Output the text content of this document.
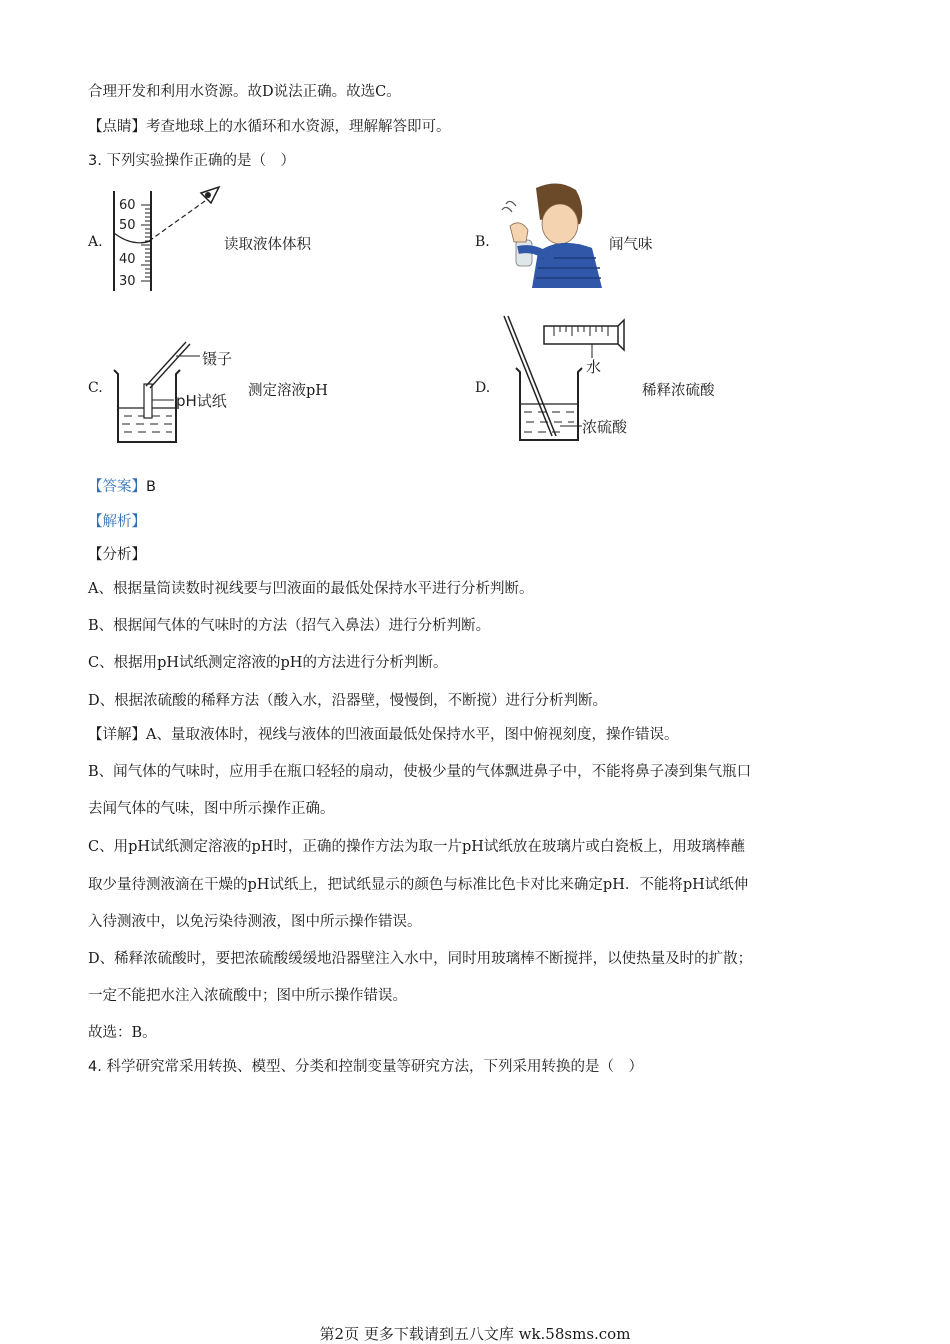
合理开发和利用水资源。故D说法正确。故选C。
【点睛】考查地球上的水循环和水资源，理解解答即可。
3. 下列实验操作正确的是（　）
A.
60
50
40
30
读取液体体积	B.	闻气味
C.
镊子
pH试纸
测定溶液pH	D.
水
浓硫酸
稀释浓硫酸
【答案】B
【解析】
【分析】
A、根据量筒读数时视线要与凹液面的最低处保持水平进行分析判断。
B、根据闻气体的气味时的方法（招气入鼻法）进行分析判断。
C、根据用pH试纸测定溶液的pH的方法进行分析判断。
D、根据浓硫酸的稀释方法（酸入水，沿器壁，慢慢倒，不断搅）进行分析判断。
【详解】A、量取液体时，视线与液体的凹液面最低处保持水平，图中俯视刻度，操作错误。
B、闻气体的气味时，应用手在瓶口轻轻的扇动，使极少量的气体飘进鼻子中，不能将鼻子凑到集气瓶口
去闻气体的气味，图中所示操作正确。
C、用pH试纸测定溶液的pH时，正确的操作方法为取一片pH试纸放在玻璃片或白瓷板上，用玻璃棒蘸
取少量待测液滴在干燥的pH试纸上，把试纸显示的颜色与标准比色卡对比来确定pH．不能将pH试纸伸
入待测液中，以免污染待测液，图中所示操作错误。
D、稀释浓硫酸时，要把浓硫酸缓缓地沿器壁注入水中，同时用玻璃棒不断搅拌，以使热量及时的扩散；
一定不能把水注入浓硫酸中；图中所示操作错误。
故选：B。
4. 科学研究常采用转换、模型、分类和控制变量等研究方法，下列采用转换的是（　）
第2页 更多下载请到五八文库 wk.58sms.com
